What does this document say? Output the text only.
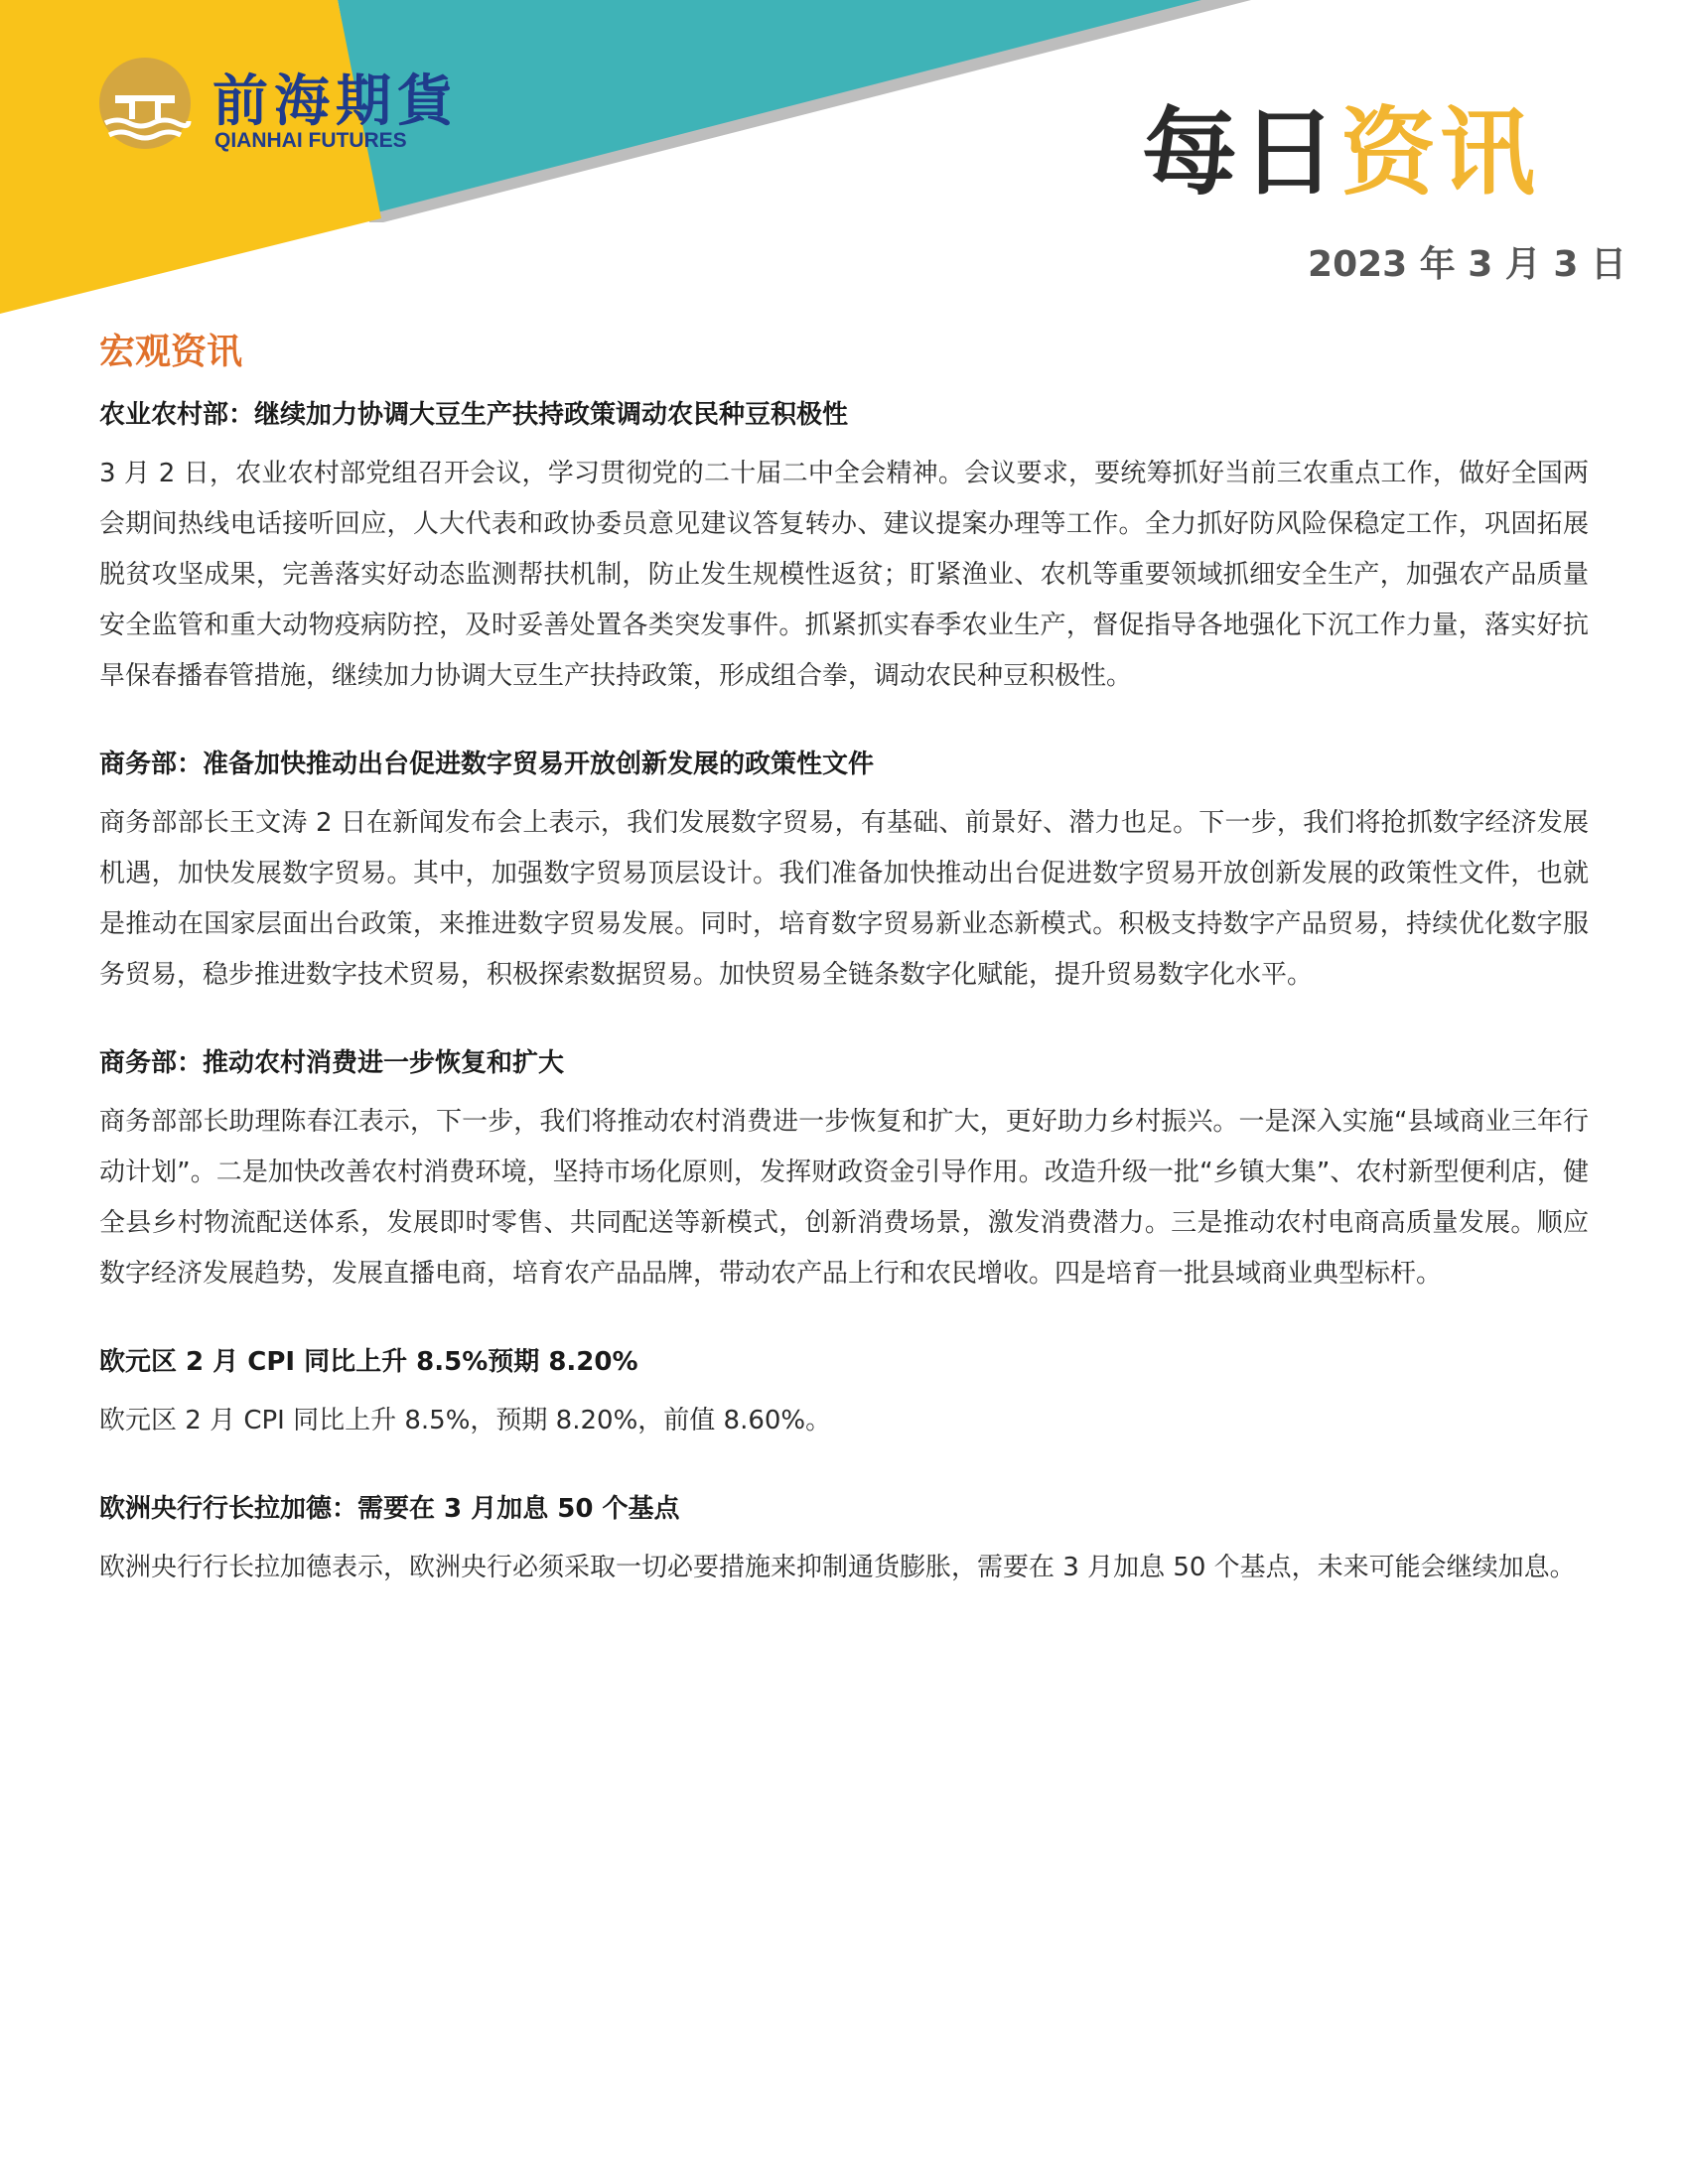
前海期貨
QIANHAI FUTURES	每日资讯
2023 年 3 月 3 日
宏观资讯
农业农村部：继续加力协调大豆生产扶持政策调动农民种豆积极性

3 月 2 日，农业农村部党组召开会议，学习贯彻党的二十届二中全会精神。会议要求，要统筹抓好当前三农重点工作，做好全国两会期间热线电话接听回应，人大代表和政协委员意见建议答复转办、建议提案办理等工作。全力抓好防风险保稳定工作，巩固拓展脱贫攻坚成果，完善落实好动态监测帮扶机制，防止发生规模性返贫；盯紧渔业、农机等重要领域抓细安全生产，加强农产品质量安全监管和重大动物疫病防控，及时妥善处置各类突发事件。抓紧抓实春季农业生产，督促指导各地强化下沉工作力量，落实好抗旱保春播春管措施，继续加力协调大豆生产扶持政策，形成组合拳，调动农民种豆积极性。

商务部：准备加快推动出台促进数字贸易开放创新发展的政策性文件

商务部部长王文涛 2 日在新闻发布会上表示，我们发展数字贸易，有基础、前景好、潜力也足。下一步，我们将抢抓数字经济发展机遇，加快发展数字贸易。其中，加强数字贸易顶层设计。我们准备加快推动出台促进数字贸易开放创新发展的政策性文件，也就是推动在国家层面出台政策，来推进数字贸易发展。同时，培育数字贸易新业态新模式。积极支持数字产品贸易，持续优化数字服务贸易，稳步推进数字技术贸易，积极探索数据贸易。加快贸易全链条数字化赋能，提升贸易数字化水平。

商务部：推动农村消费进一步恢复和扩大

商务部部长助理陈春江表示，下一步，我们将推动农村消费进一步恢复和扩大，更好助力乡村振兴。一是深入实施“县域商业三年行动计划”。二是加快改善农村消费环境，坚持市场化原则，发挥财政资金引导作用。改造升级一批“乡镇大集”、农村新型便利店，健全县乡村物流配送体系，发展即时零售、共同配送等新模式，创新消费场景，激发消费潜力。三是推动农村电商高质量发展。顺应数字经济发展趋势，发展直播电商，培育农产品品牌，带动农产品上行和农民增收。四是培育一批县域商业典型标杆。

欧元区 2 月 CPI 同比上升 8.5%预期 8.20%

欧元区 2 月 CPI 同比上升 8.5%，预期 8.20%，前值 8.60%。

欧洲央行行长拉加德：需要在 3 月加息 50 个基点

欧洲央行行长拉加德表示，欧洲央行必须采取一切必要措施来抑制通货膨胀，需要在 3 月加息 50 个基点，未来可能会继续加息。
